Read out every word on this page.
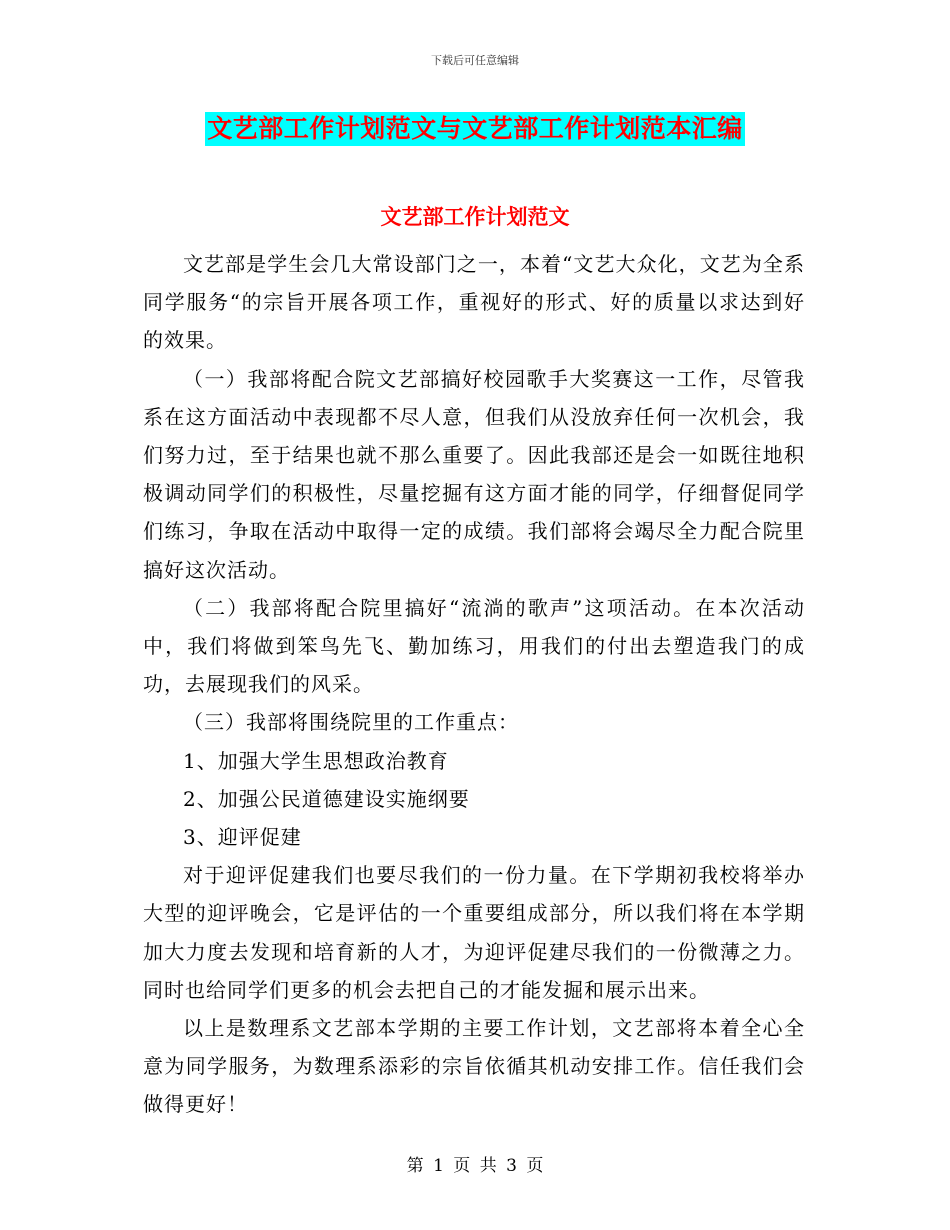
下载后可任意编辑
文艺部工作计划范文与文艺部工作计划范本汇编
文艺部工作计划范文

文艺部是学生会几大常设部门之一，本着“文艺大众化，文艺为全系同学服务“的宗旨开展各项工作，重视好的形式、好的质量以求达到好的效果。

（一）我部将配合院文艺部搞好校园歌手大奖赛这一工作，尽管我系在这方面活动中表现都不尽人意，但我们从没放弃任何一次机会，我们努力过，至于结果也就不那么重要了。因此我部还是会一如既往地积极调动同学们的积极性，尽量挖掘有这方面才能的同学，仔细督促同学们练习，争取在活动中取得一定的成绩。我们部将会竭尽全力配合院里搞好这次活动。

（二）我部将配合院里搞好“流淌的歌声”这项活动。在本次活动中，我们将做到笨鸟先飞、勤加练习，用我们的付出去塑造我门的成功，去展现我们的风采。

（三）我部将围绕院里的工作重点：

1、加强大学生思想政治教育

2、加强公民道德建设实施纲要

3、迎评促建

对于迎评促建我们也要尽我们的一份力量。在下学期初我校将举办大型的迎评晚会，它是评估的一个重要组成部分，所以我们将在本学期加大力度去发现和培育新的人才，为迎评促建尽我们的一份微薄之力。同时也给同学们更多的机会去把自己的才能发掘和展示出来。

以上是数理系文艺部本学期的主要工作计划，文艺部将本着全心全意为同学服务，为数理系添彩的宗旨依循其机动安排工作。信任我们会做得更好！

第 1 页 共 3 页
